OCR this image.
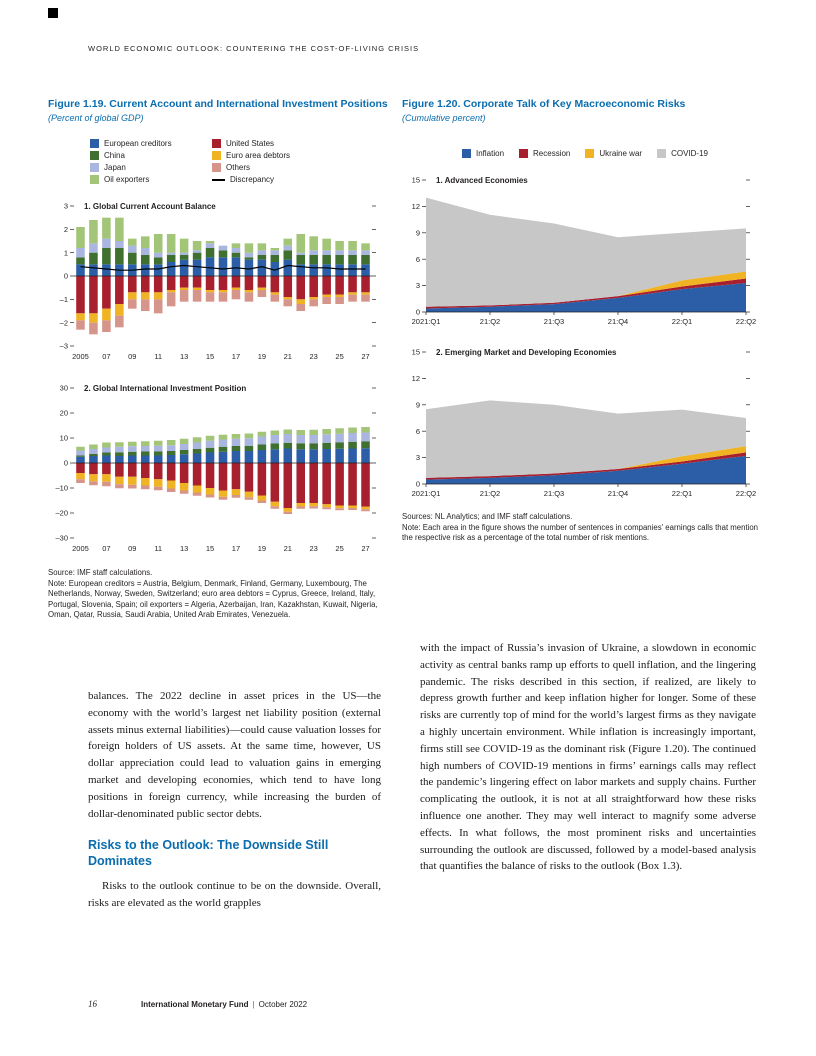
WORLD ECONOMIC OUTLOOK: COUNTERING THE COST-OF-LIVING CRISIS
Figure 1.19. Current Account and International Investment Positions
(Percent of global GDP)
European creditors	United States
China	Euro area debtors
Japan	Others
Oil exporters	Discrepancy
3
2
1
0
–1
–2
–3
2005 07 09 11 13 15 17 19 21 23 25 27
1. Global Current Account Balance
30
20
10
0
–10
–20
–30
2005 07 09 11 13 15 17 19 21 23 25 27
2. Global International Investment Position
Source: IMF staff calculations.
Note: European creditors = Austria, Belgium, Denmark, Finland, Germany, Luxembourg, The Netherlands, Norway, Sweden, Switzerland; euro area debtors = Cyprus, Greece, Ireland, Italy, Portugal, Slovenia, Spain; oil exporters = Algeria, Azerbaijan, Iran, Kazakhstan, Kuwait, Nigeria, Oman, Qatar, Russia, Saudi Arabia, United Arab Emirates, Venezuela.
Figure 1.20. Corporate Talk of Key Macroeconomic Risks
(Cumulative percent)
Inflation	Recession	Ukraine war	COVID-19
15
12
9
6
3
0
2021:Q1	21:Q2	21:Q3	21:Q4	22:Q1	22:Q2
1. Advanced Economies
15
12
9
6
3
0
2021:Q1	21:Q2	21:Q3	21:Q4	22:Q1	22:Q2
2. Emerging Market and Developing Economies
Sources: NL Analytics; and IMF staff calculations.
Note: Each area in the figure shows the number of sentences in companies' earnings calls that mention the respective risk as a percentage of the total number of risk mentions.

balances. The 2022 decline in asset prices in the US—the economy with the world’s largest net liability position (external assets minus external liabilities)—could cause valuation losses for foreign holders of US assets. At the same time, however, US dollar appreciation could lead to valuation gains in emerging market and developing economies, which tend to have long positions in foreign currency, while increasing the burden of dollar-denominated public sector debts.

Risks to the Outlook: The Downside Still Dominates

Risks to the outlook continue to be on the downside. Overall, risks are elevated as the world grapples

with the impact of Russia’s invasion of Ukraine, a slowdown in economic activity as central banks ramp up efforts to quell inflation, and the lingering pandemic. The risks described in this section, if realized, are likely to depress growth further and keep inflation higher for longer. Some of these risks are currently top of mind for the world’s largest firms as they navigate a highly uncertain environment. While inflation is increasingly important, firms still see COVID-19 as the dominant risk (Figure 1.20). The continued high numbers of COVID-19 mentions in firms’ earnings calls may reflect the pandemic’s lingering effect on labor markets and supply chains. Further complicating the outlook, it is not at all straightforward how these risks influence one another. They may well interact to magnify some adverse effects. In what follows, the most prominent risks and uncertainties surrounding the outlook are discussed, followed by a model-based analysis that quantifies the balance of risks to the outlook (Box 1.3).

16	International Monetary Fund | October 2022
